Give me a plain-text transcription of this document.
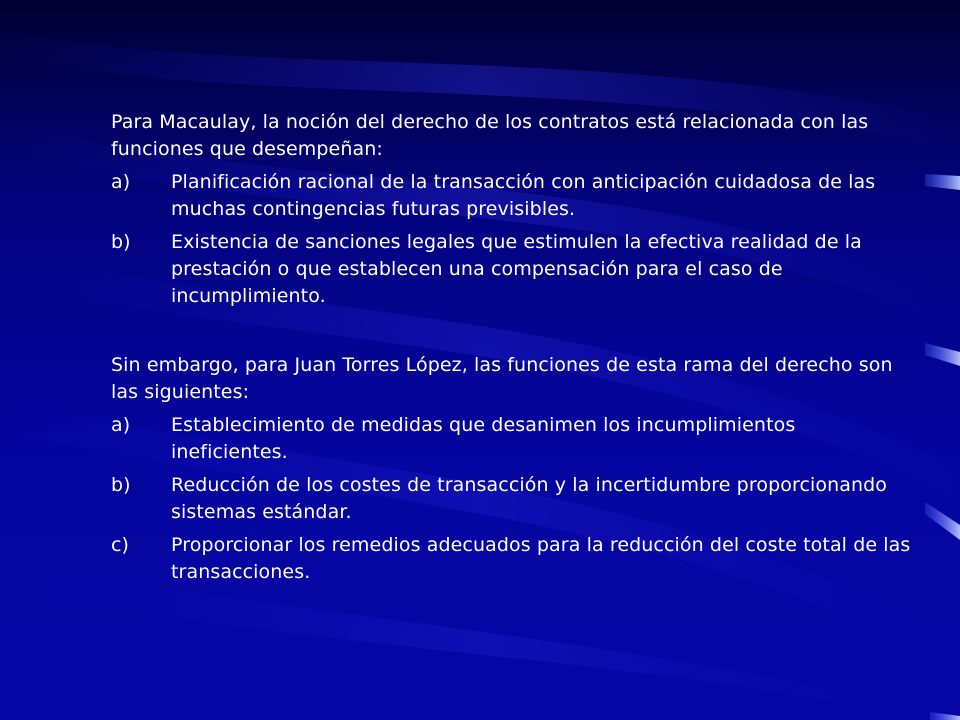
Para Macaulay, la noción del derecho de los contratos está relacionada con las funciones que desempeñan:

a)	Planificación racional de la transacción con anticipación cuidadosa de las muchas contingencias futuras previsibles.
b)	Existencia de sanciones legales que estimulen la efectiva realidad de la prestación o que establecen una compensación para el caso de incumplimiento.

Sin embargo, para Juan Torres López, las funciones de esta rama del derecho son las siguientes:

a)	Establecimiento de medidas que desanimen los incumplimientos ineficientes.
b)	Reducción de los costes de transacción y la incertidumbre proporcionando sistemas estándar.
c)	Proporcionar los remedios adecuados para la reducción del coste total de las transacciones.
